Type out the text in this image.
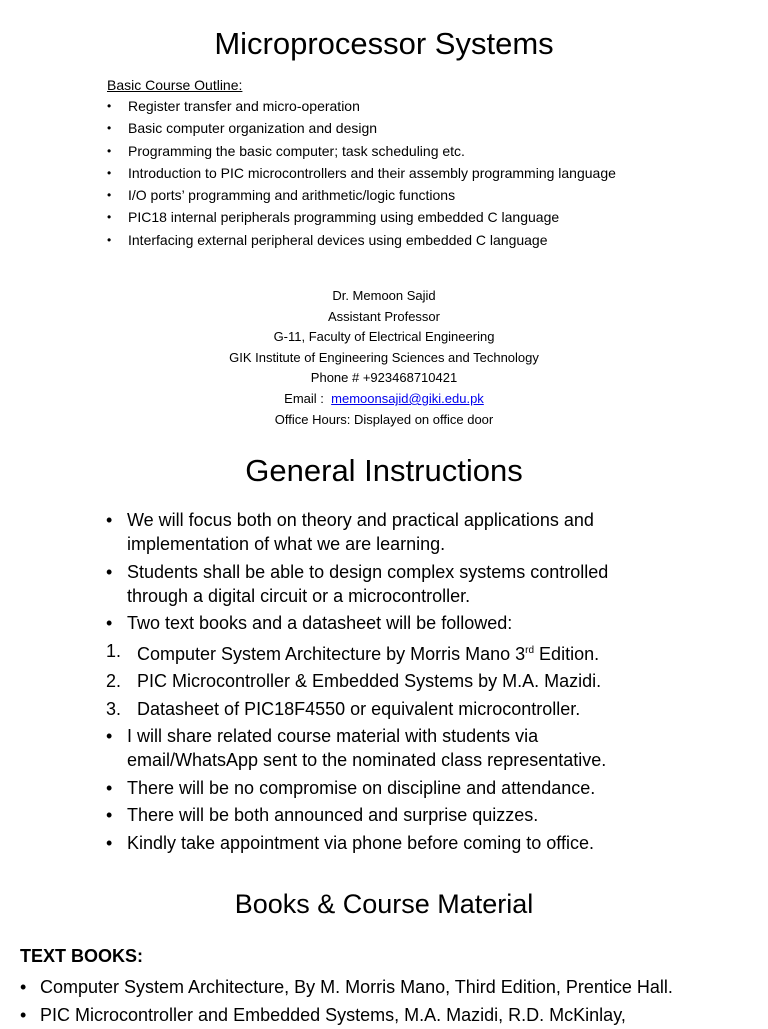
Microprocessor Systems
Basic Course Outline:
• Register transfer and micro-operation
• Basic computer organization and design
• Programming the basic computer; task scheduling etc.
• Introduction to PIC microcontrollers and their assembly programming language
• I/O ports’ programming and arithmetic/logic functions
• PIC18 internal peripherals programming using embedded C language
• Interfacing external peripheral devices using embedded C language
Dr. Memoon Sajid
Assistant Professor
G-11, Faculty of Electrical Engineering
GIK Institute of Engineering Sciences and Technology
Phone # +923468710421
Email : memoonsajid@giki.edu.pk
Office Hours: Displayed on office door
General Instructions
• We will focus both on theory and practical applications and implementation of what we are learning.
• Students shall be able to design complex systems controlled through a digital circuit or a microcontroller.
• Two text books and a datasheet will be followed:
1. Computer System Architecture by Morris Mano 3rd Edition.
2. PIC Microcontroller & Embedded Systems by M.A. Mazidi.
3. Datasheet of PIC18F4550 or equivalent microcontroller.
• I will share related course material with students via email/WhatsApp sent to the nominated class representative.
• There will be no compromise on discipline and attendance.
• There will be both announced and surprise quizzes.
• Kindly take appointment via phone before coming to office.
Books & Course Material
TEXT BOOKS:
• Computer System Architecture, By M. Morris Mano, Third Edition, Prentice Hall.
• PIC Microcontroller and Embedded Systems, M.A. Mazidi, R.D. McKinlay,
